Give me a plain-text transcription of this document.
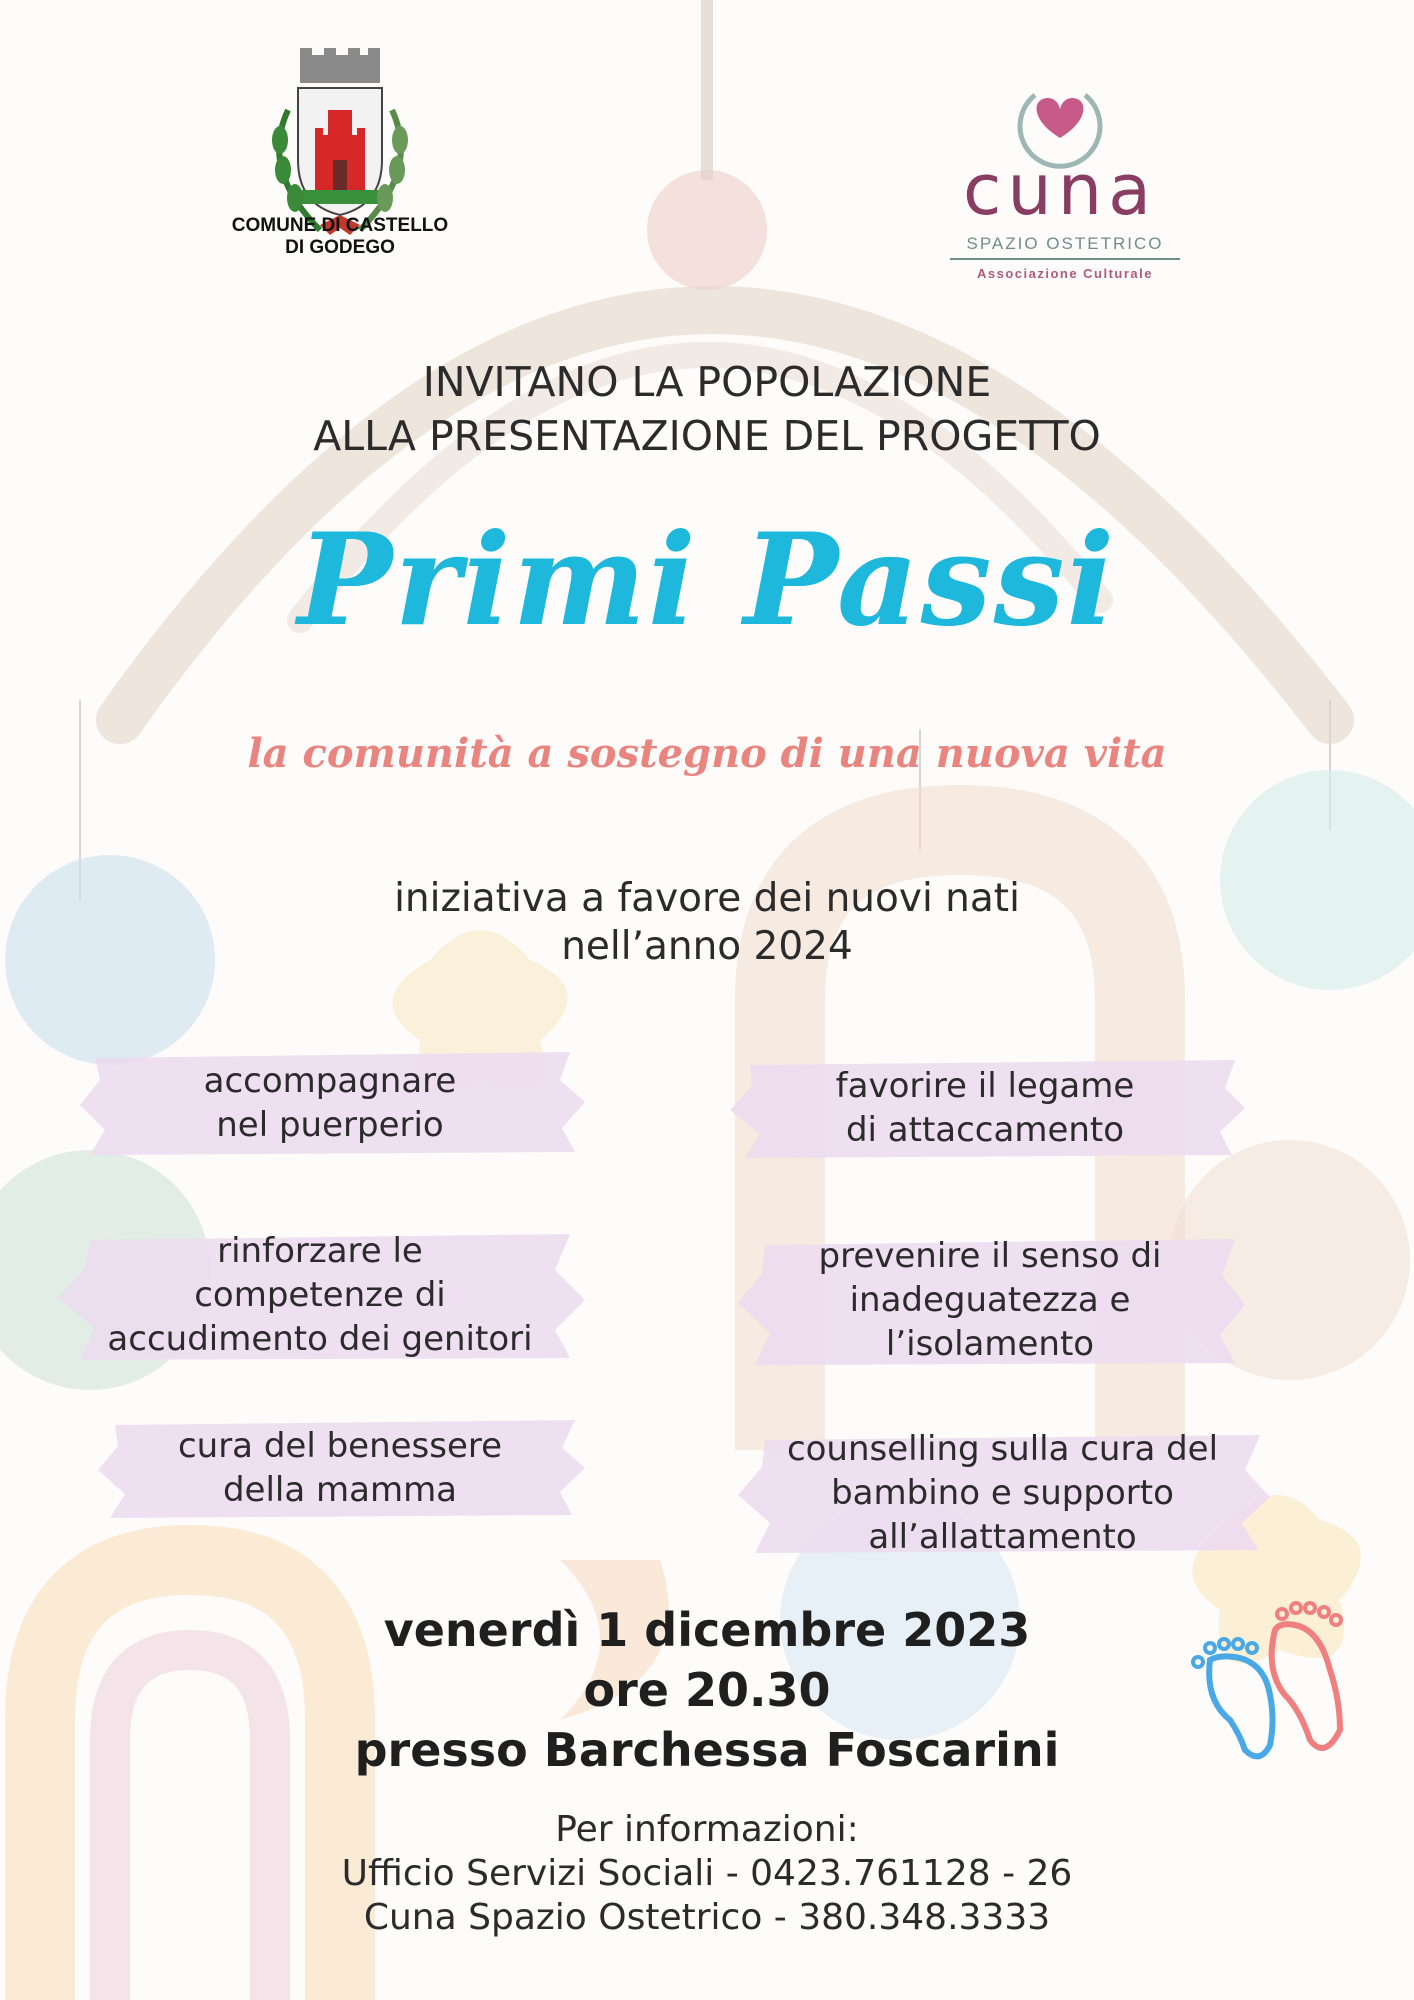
COMUNE DI CASTELLO
DI GODEGO
cuna
SPAZIO OSTETRICO
Associazione Culturale
INVITANO LA POPOLAZIONE
ALLA PRESENTAZIONE DEL PROGETTO
Primi Passi
la comunità a sostegno di una nuova vita
iniziativa a favore dei nuovi nati
nell’anno 2024
accompagnare
nel puerperio
favorire il legame
di attaccamento
rinforzare le
competenze di
accudimento dei genitori
prevenire il senso di
inadeguatezza e
l’isolamento
cura del benessere
della mamma
counselling sulla cura del
bambino e supporto
all’allattamento
venerdì 1 dicembre 2023
ore 20.30
presso Barchessa Foscarini
Per informazioni:
Ufficio Servizi Sociali - 0423.761128 - 26
Cuna Spazio Ostetrico - 380.348.3333
